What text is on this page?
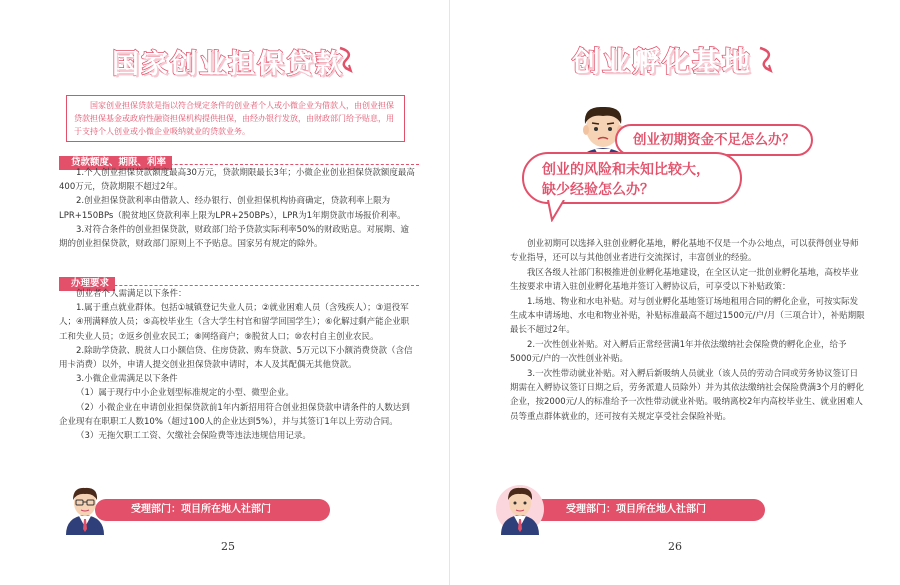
国家创业担保贷款
国家创业担保贷款是指以符合规定条件的创业者个人或小微企业为借款人，由创业担保贷款担保基金或政府性融资担保机构提供担保，由经办银行发放，由财政部门给予贴息，用于支持个人创业或小微企业吸纳就业的贷款业务。
贷款额度、期限、利率

1.个人创业担保贷款额度最高30万元，贷款期限最长3年；小微企业创业担保贷款额度最高400万元，贷款期限不超过2年。

2.创业担保贷款利率由借款人、经办银行、创业担保机构协商确定，贷款利率上限为LPR+150BPs（脱贫地区贷款利率上限为LPR+250BPs），LPR为1年期贷款市场报价利率。

3.对符合条件的创业担保贷款，财政部门给予贷款实际利率50%的财政贴息。对展期、逾期的创业担保贷款，财政部门原则上不予贴息。国家另有规定的除外。

办理要求

创业者个人需满足以下条件：

1.属于重点就业群体。包括①城镇登记失业人员；②就业困难人员（含残疾人）；③退役军人；④刑满释放人员；⑤高校毕业生（含大学生村官和留学回国学生）；⑥化解过剩产能企业职工和失业人员；⑦返乡创业农民工；⑧网络商户；⑨脱贫人口；⑩农村自主创业农民。

2.除助学贷款、脱贫人口小额信贷、住房贷款、购车贷款、5万元以下小额消费贷款（含信用卡消费）以外，申请人提交创业担保贷款申请时，本人及其配偶无其他贷款。

3.小微企业需满足以下条件

（1）属于现行中小企业划型标准规定的小型、微型企业。

（2）小微企业在申请创业担保贷款前1年内新招用符合创业担保贷款申请条件的人数达到企业现有在职职工人数10%（超过100人的企业达到5%），并与其签订1年以上劳动合同。

（3）无拖欠职工工资、欠缴社会保险费等违法违规信用记录。

受理部门：项目所在地人社部门
25
创业孵化基地
创业初期资金不足怎么办？
创业的风险和未知比较大，缺少经验怎么办？

创业初期可以选择入驻创业孵化基地，孵化基地不仅是一个办公地点，可以获得创业导师专业指导，还可以与其他创业者进行交流探讨，丰富创业的经验。

我区各级人社部门积极推进创业孵化基地建设，在全区认定一批创业孵化基地，高校毕业生按要求申请入驻创业孵化基地并签订入孵协议后，可享受以下补贴政策：

1.场地、物业和水电补贴。对与创业孵化基地签订场地租用合同的孵化企业，可按实际发生成本申请场地、水电和物业补贴，补贴标准最高不超过1500元/户/月（三项合计），补贴期限最长不超过2年。

2.一次性创业补贴。对入孵后正常经营满1年并依法缴纳社会保险费的孵化企业，给予5000元/户的一次性创业补贴。

3.一次性带动就业补贴。对入孵后新吸纳人员就业（该人员的劳动合同或劳务协议签订日期需在入孵协议签订日期之后，劳务派遣人员除外）并为其依法缴纳社会保险费满3个月的孵化企业，按2000元/人的标准给予一次性带动就业补贴。吸纳离校2年内高校毕业生、就业困难人员等重点群体就业的，还可按有关规定享受社会保险补贴。

受理部门：项目所在地人社部门
26
